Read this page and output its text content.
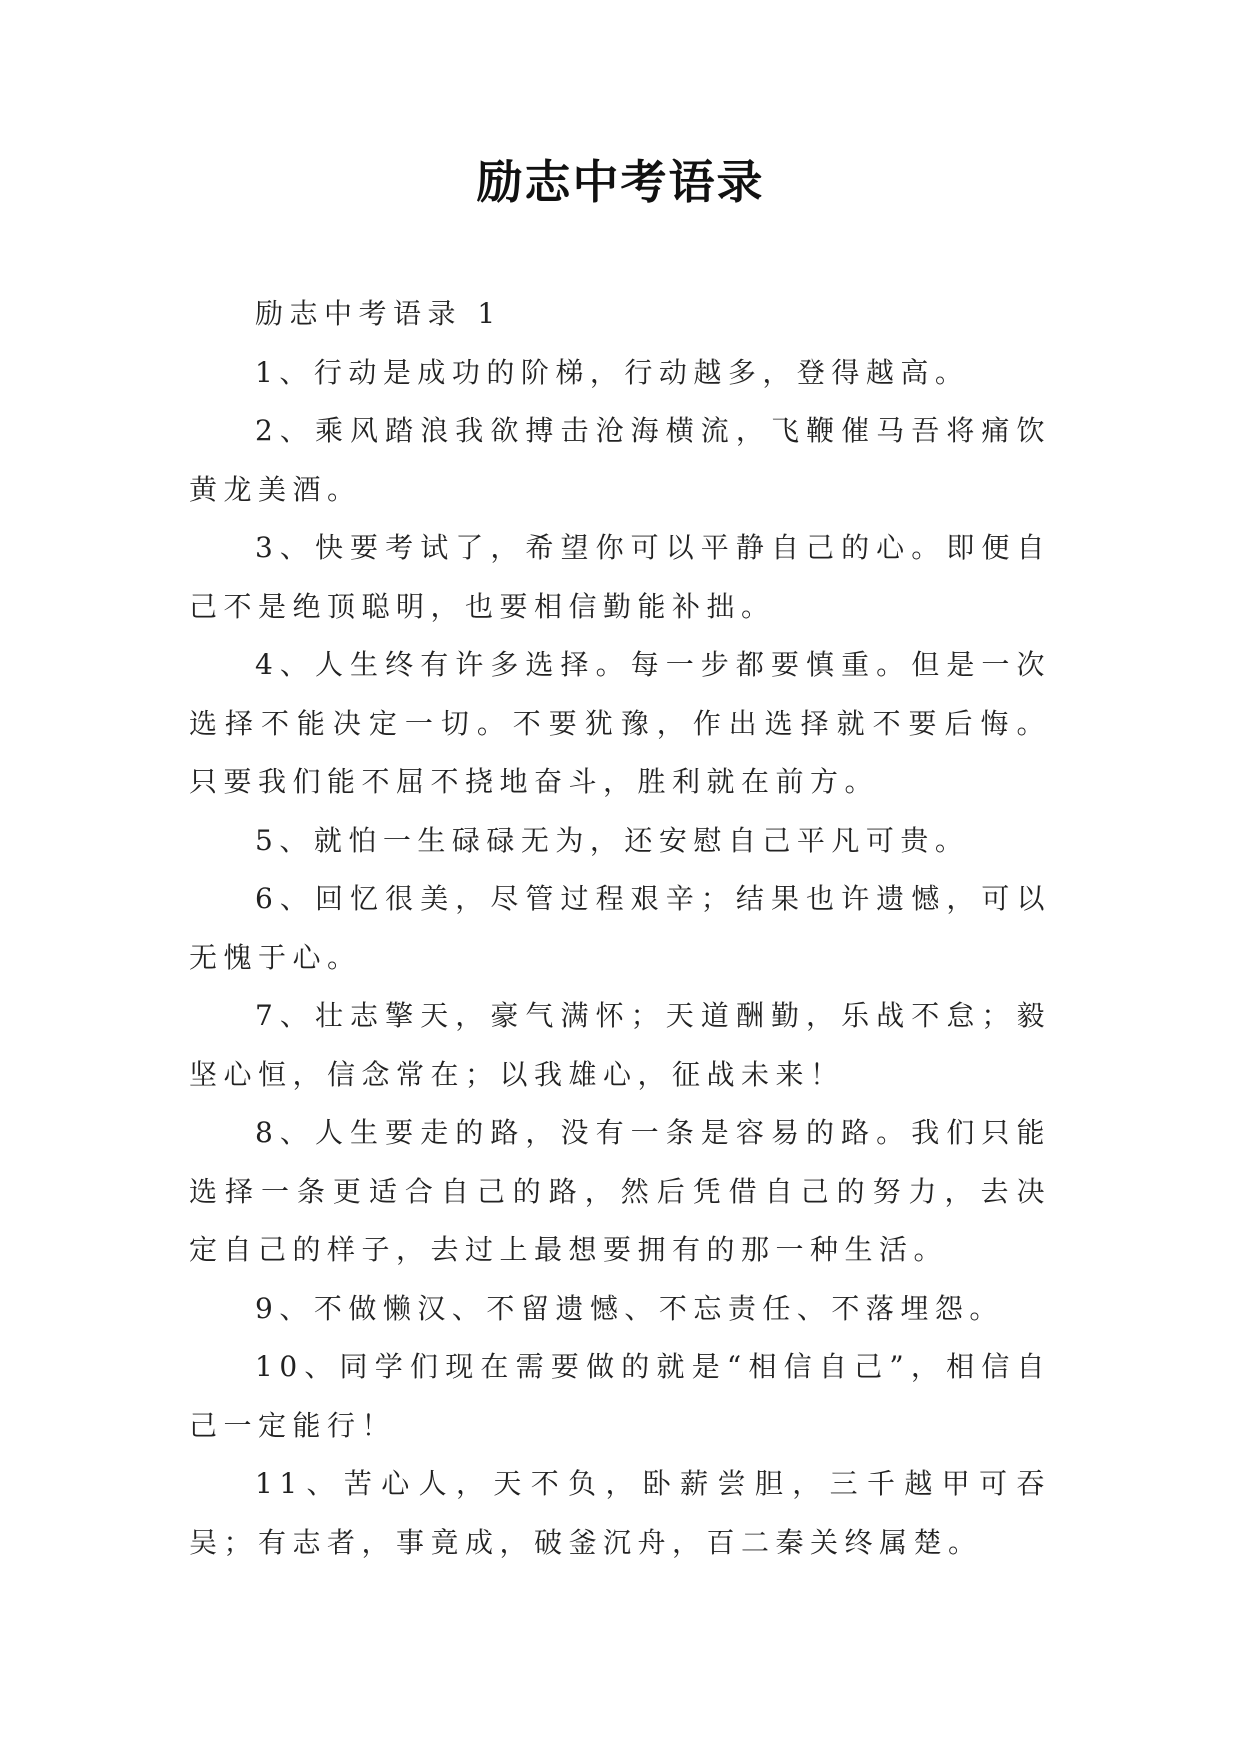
励志中考语录

励志中考语录 1

1、行动是成功的阶梯，行动越多，登得越高。

2、乘风踏浪我欲搏击沧海横流，飞鞭催马吾将痛饮黄龙美酒。

3、快要考试了，希望你可以平静自己的心。即便自己不是绝顶聪明，也要相信勤能补拙。

4、人生终有许多选择。每一步都要慎重。但是一次选择不能决定一切。不要犹豫，作出选择就不要后悔。只要我们能不屈不挠地奋斗，胜利就在前方。

5、就怕一生碌碌无为，还安慰自己平凡可贵。

6、回忆很美，尽管过程艰辛；结果也许遗憾，可以无愧于心。

7、壮志擎天，豪气满怀；天道酬勤，乐战不怠；毅坚心恒，信念常在；以我雄心，征战未来！

8、人生要走的路，没有一条是容易的路。我们只能选择一条更适合自己的路，然后凭借自己的努力，去决定自己的样子，去过上最想要拥有的那一种生活。

9、不做懒汉、不留遗憾、不忘责任、不落埋怨。

10、同学们现在需要做的就是“相信自己”，相信自己一定能行！

11、苦心人，天不负，卧薪尝胆，三千越甲可吞吴；有志者，事竟成，破釜沉舟，百二秦关终属楚。
